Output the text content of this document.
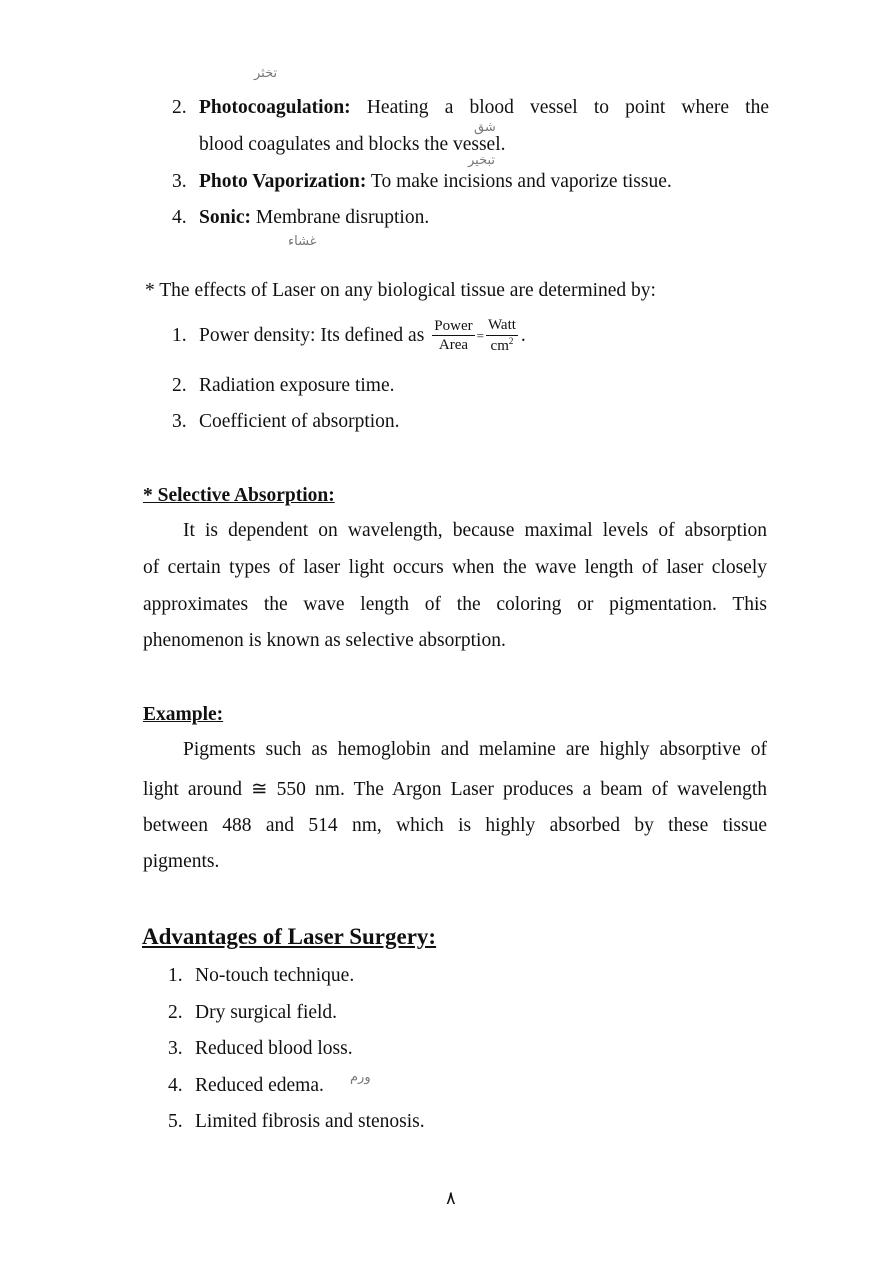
تخثر
شق
تبخير
غشاء
ورم
2. Photocoagulation: Heating a blood vessel to point where the
blood coagulates and blocks the vessel.
3. Photo Vaporization: To make incisions and vaporize tissue.
4. Sonic: Membrane disruption.
* The effects of Laser on any biological tissue are determined by:
1. Power density: Its defined as $\frac{\text{Power}}{\text{Area}} = \frac{\text{Watt}}{cm^2}$ .
2. Radiation exposure time.
3. Coefficient of absorption.
* Selective Absorption:
It is dependent on wavelength, because maximal levels of absorption
of certain types of laser light occurs when the wave length of laser closely
approximates the wave length of the coloring or pigmentation. This
phenomenon is known as selective absorption.
Example:
Pigments such as hemoglobin and melamine are highly absorptive of
light around ≅ 550 nm. The Argon Laser produces a beam of wavelength
between 488 and 514 nm, which is highly absorbed by these tissue
pigments.
Advantages of Laser Surgery:
1. No-touch technique.
2. Dry surgical field.
3. Reduced blood loss.
4. Reduced edema.
5. Limited fibrosis and stenosis.
٨
